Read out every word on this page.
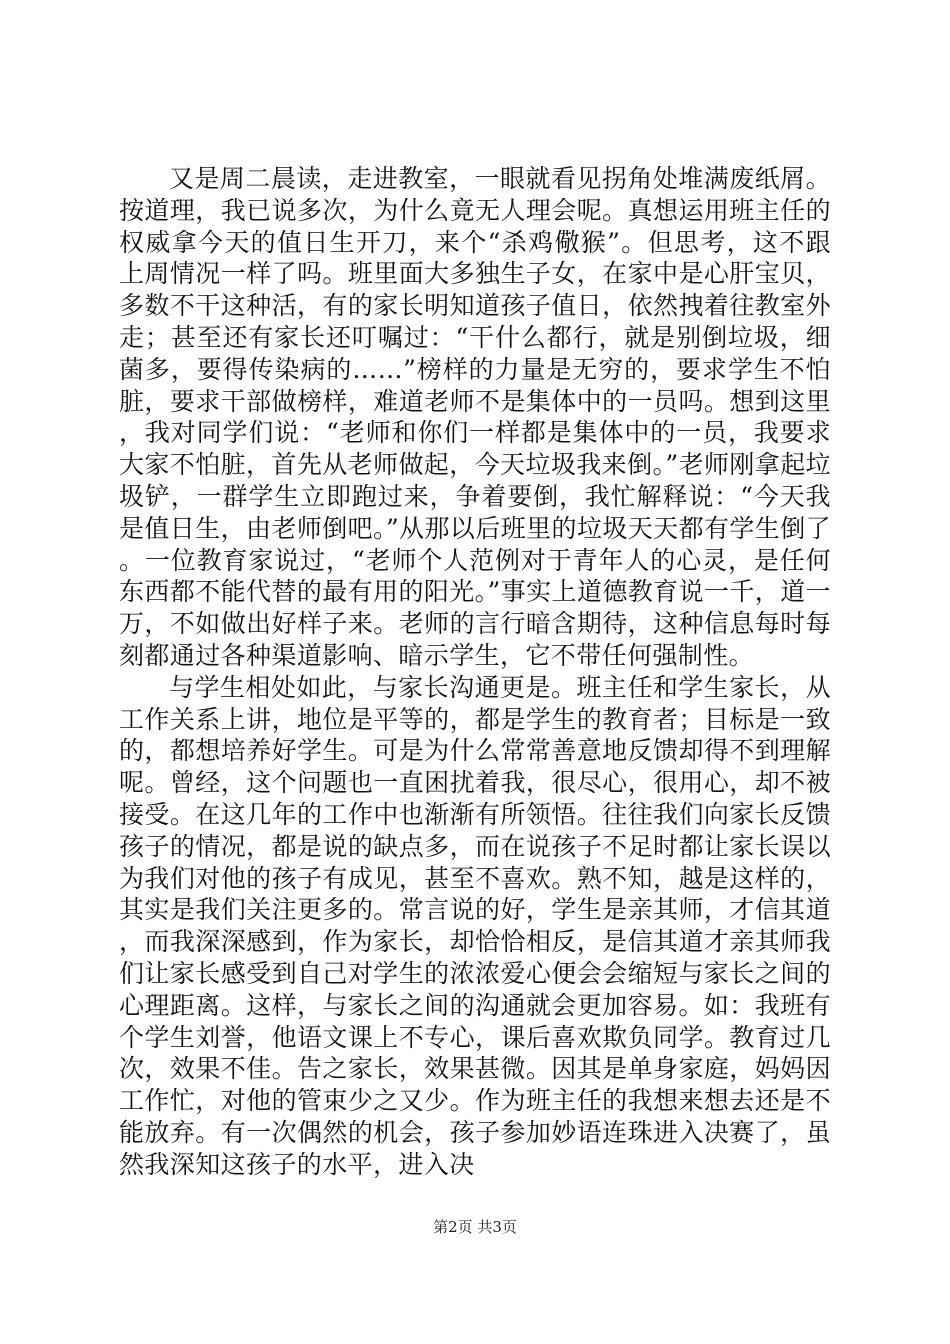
又是周二晨读，走进教室，一眼就看见拐角处堆满废纸屑。按道理，我已说多次，为什么竟无人理会呢。真想运用班主任的权威拿今天的值日生开刀，来个“杀鸡儆猴”。但思考，这不跟上周情况一样了吗。班里面大多独生子女，在家中是心肝宝贝，多数不干这种活，有的家长明知道孩子值日，依然拽着往教室外走；甚至还有家长还叮嘱过：“干什么都行，就是别倒垃圾，细菌多，要得传染病的……”榜样的力量是无穷的，要求学生不怕脏，要求干部做榜样，难道老师不是集体中的一员吗。想到这里，我对同学们说：“老师和你们一样都是集体中的一员，我要求大家不怕脏，首先从老师做起，今天垃圾我来倒。”老师刚拿起垃圾铲，一群学生立即跑过来，争着要倒，我忙解释说：“今天我是值日生，由老师倒吧。”从那以后班里的垃圾天天都有学生倒了。一位教育家说过，“老师个人范例对于青年人的心灵，是任何东西都不能代替的最有用的阳光。”事实上道德教育说一千，道一万，不如做出好样子来。老师的言行暗含期待，这种信息每时每刻都通过各种渠道影响、暗示学生，它不带任何强制性。

与学生相处如此，与家长沟通更是。班主任和学生家长，从工作关系上讲，地位是平等的，都是学生的教育者；目标是一致的，都想培养好学生。可是为什么常常善意地反馈却得不到理解呢。曾经，这个问题也一直困扰着我，很尽心，很用心，却不被接受。在这几年的工作中也渐渐有所领悟。往往我们向家长反馈孩子的情况，都是说的缺点多，而在说孩子不足时都让家长误以为我们对他的孩子有成见，甚至不喜欢。熟不知，越是这样的，其实是我们关注更多的。常言说的好，学生是亲其师，才信其道，而我深深感到，作为家长，却恰恰相反，是信其道才亲其师我们让家长感受到自己对学生的浓浓爱心便会会缩短与家长之间的心理距离。这样，与家长之间的沟通就会更加容易。如：我班有个学生刘誉，他语文课上不专心，课后喜欢欺负同学。教育过几次，效果不佳。告之家长，效果甚微。因其是单身家庭，妈妈因工作忙，对他的管束少之又少。作为班主任的我想来想去还是不能放弃。有一次偶然的机会，孩子参加妙语连珠进入决赛了，虽然我深知这孩子的水平，进入决

第2页 共3页
